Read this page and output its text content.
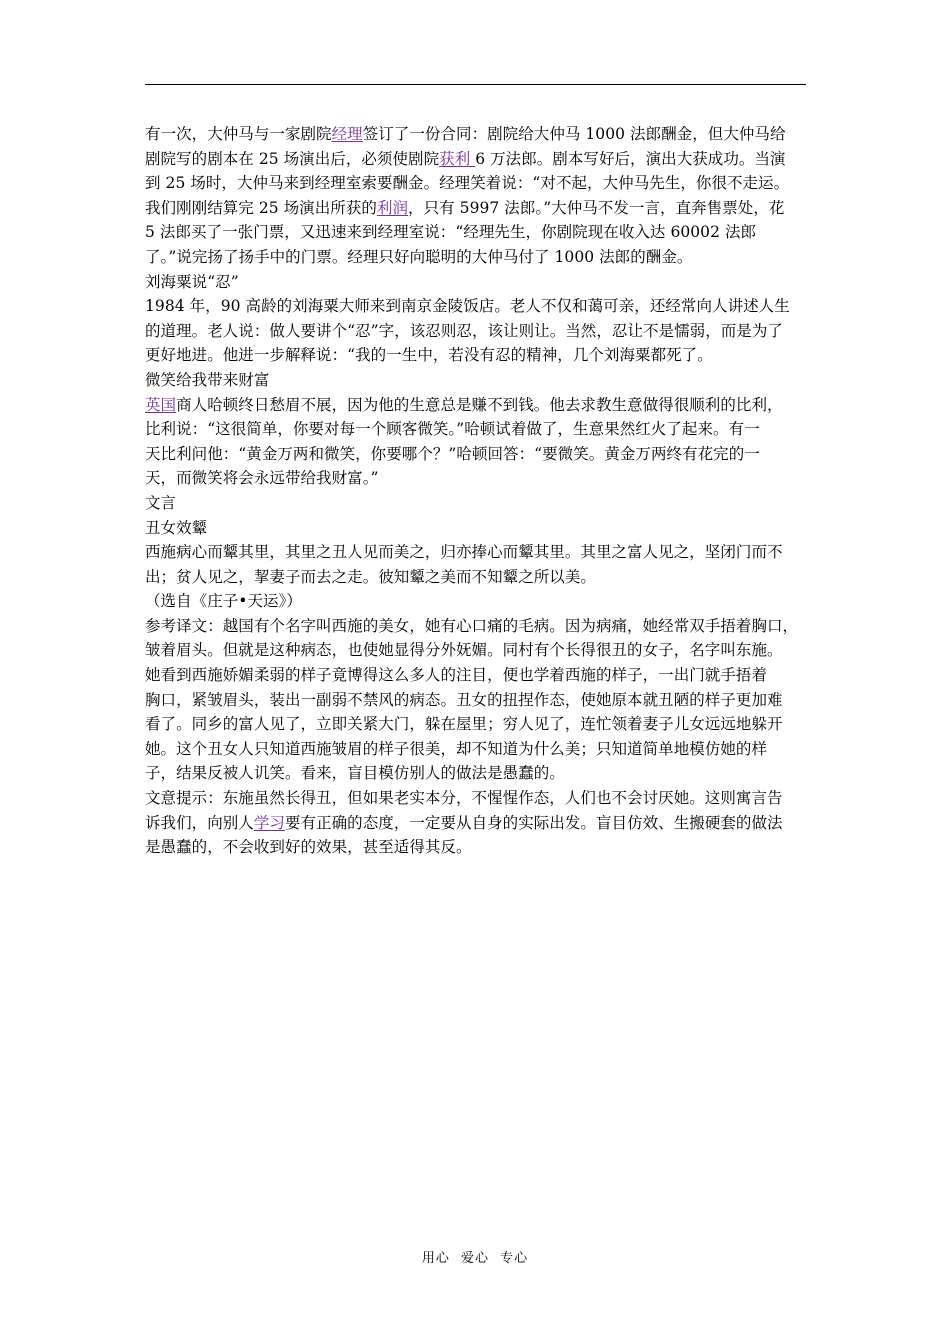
有一次，大仲马与一家剧院经理签订了一份合同：剧院给大仲马 1000 法郎酬金，但大仲马给
剧院写的剧本在 25 场演出后，必须使剧院获利 6 万法郎。剧本写好后，演出大获成功。当演
到 25 场时，大仲马来到经理室索要酬金。经理笑着说：“对不起，大仲马先生，你很不走运。
我们刚刚结算完 25 场演出所获的利润，只有 5997 法郎。”大仲马不发一言，直奔售票处，花
5 法郎买了一张门票，又迅速来到经理室说：“经理先生，你剧院现在收入达 60002 法郎
了。”说完扬了扬手中的门票。经理只好向聪明的大仲马付了 1000 法郎的酬金。
刘海粟说“忍”
1984 年，90 高龄的刘海粟大师来到南京金陵饭店。老人不仅和蔼可亲，还经常向人讲述人生
的道理。老人说：做人要讲个“忍”字，该忍则忍，该让则让。当然，忍让不是懦弱，而是为了
更好地进。他进一步解释说：“我的一生中，若没有忍的精神，几个刘海粟都死了。
微笑给我带来财富
英国商人哈顿终日愁眉不展，因为他的生意总是赚不到钱。他去求教生意做得很顺利的比利，
比利说：“这很简单，你要对每一个顾客微笑。”哈顿试着做了，生意果然红火了起来。有一
天比利问他：“黄金万两和微笑，你要哪个？”哈顿回答：“要微笑。黄金万两终有花完的一
天，而微笑将会永远带给我财富。”
文言
丑女效颦
西施病心而颦其里，其里之丑人见而美之，归亦捧心而颦其里。其里之富人见之，坚闭门而不
出；贫人见之，挈妻子而去之走。彼知颦之美而不知颦之所以美。
（选自《庄子•天运》）
参考译文：越国有个名字叫西施的美女，她有心口痛的毛病。因为病痛，她经常双手捂着胸口，
皱着眉头。但就是这种病态，也使她显得分外妩媚。同村有个长得很丑的女子，名字叫东施。
她看到西施娇媚柔弱的样子竟博得这么多人的注目，便也学着西施的样子，一出门就手捂着
胸口，紧皱眉头，装出一副弱不禁风的病态。丑女的扭捏作态，使她原本就丑陋的样子更加难
看了。同乡的富人见了，立即关紧大门，躲在屋里；穷人见了，连忙领着妻子儿女远远地躲开
她。这个丑女人只知道西施皱眉的样子很美，却不知道为什么美；只知道简单地模仿她的样
子，结果反被人讥笑。看来，盲目模仿别人的做法是愚蠢的。
文意提示：东施虽然长得丑，但如果老实本分，不惺惺作态，人们也不会讨厌她。这则寓言告
诉我们，向别人学习要有正确的态度，一定要从自身的实际出发。盲目仿效、生搬硬套的做法
是愚蠢的，不会收到好的效果，甚至适得其反。
用心 爱心 专心
